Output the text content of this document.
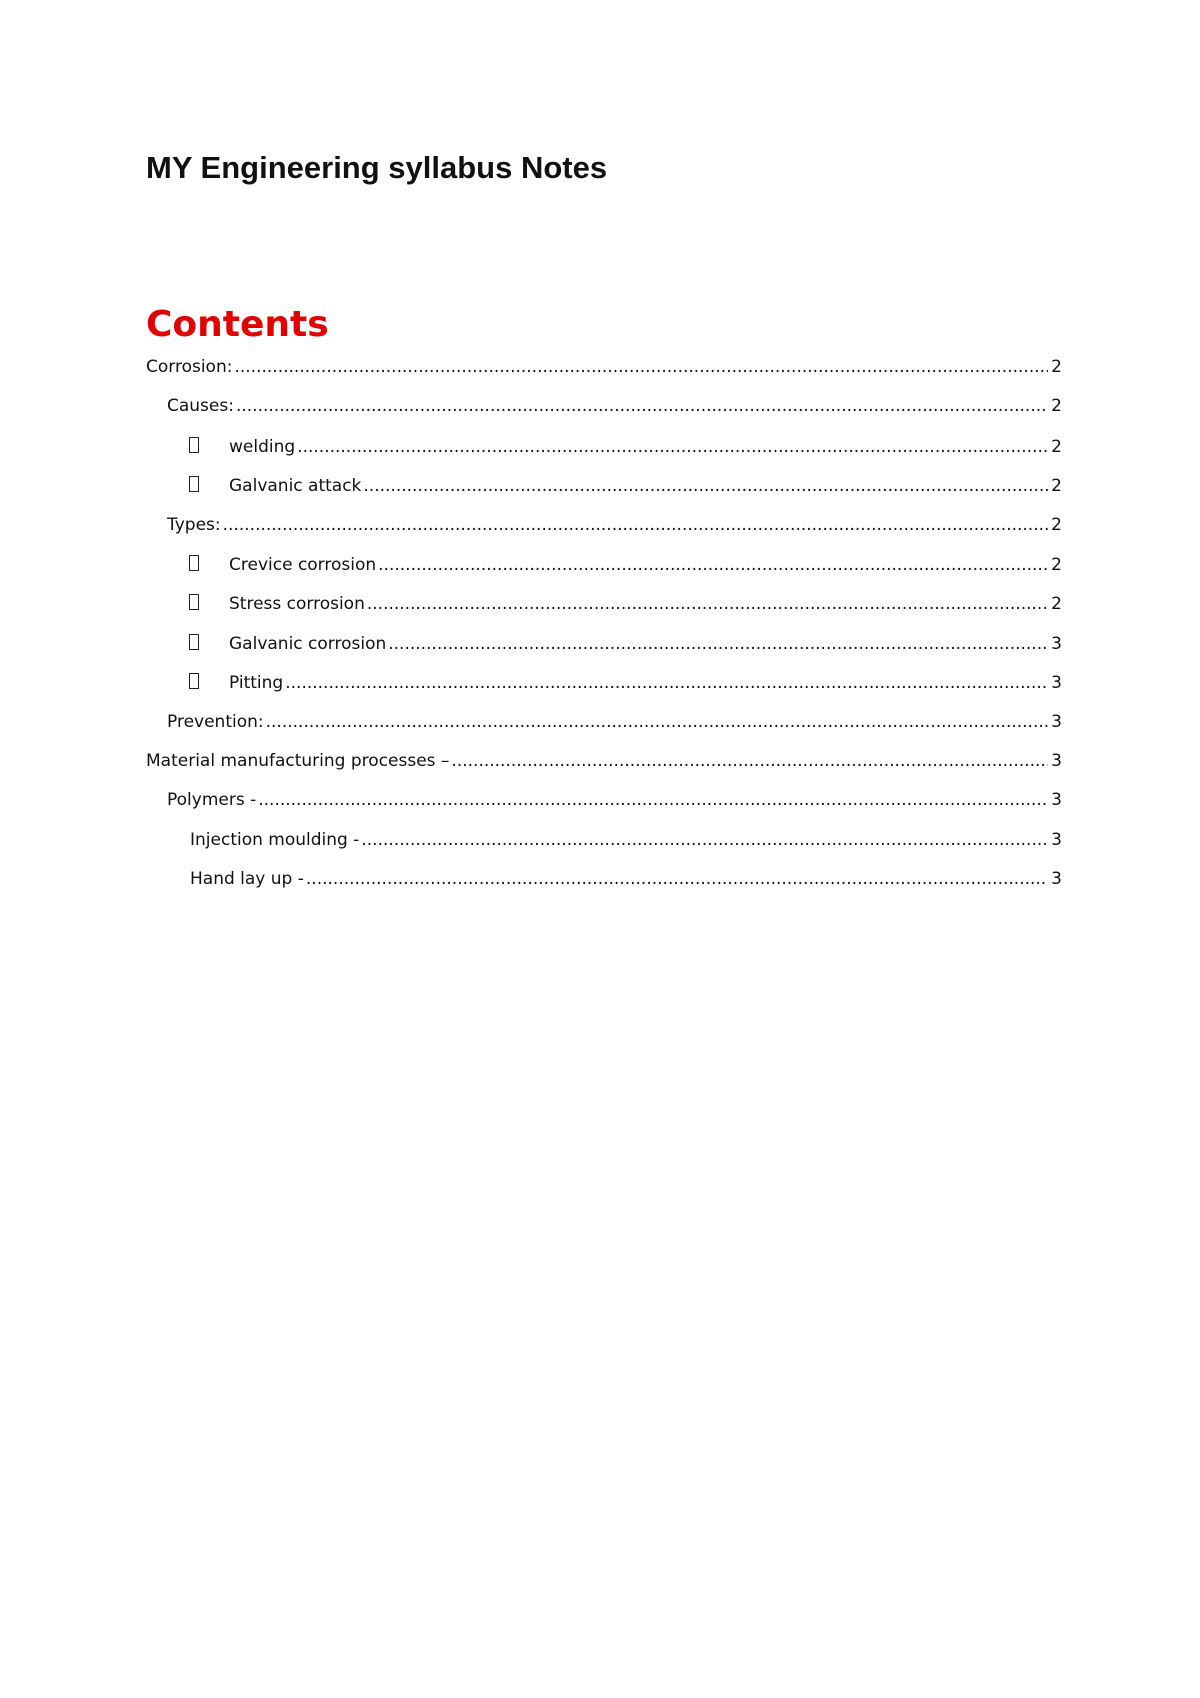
MY Engineering syllabus Notes
Contents
Corrosion: .....	2
Causes: .....	2
welding .....	2
Galvanic attack .....	2
Types: .....	2
Crevice corrosion .....	2
Stress corrosion .....	2
Galvanic corrosion .....	3
Pitting .....	3
Prevention: .....	3
Material manufacturing processes – .....	3
Polymers - .....	3
Injection moulding - .....	3
Hand lay up - .....	3
